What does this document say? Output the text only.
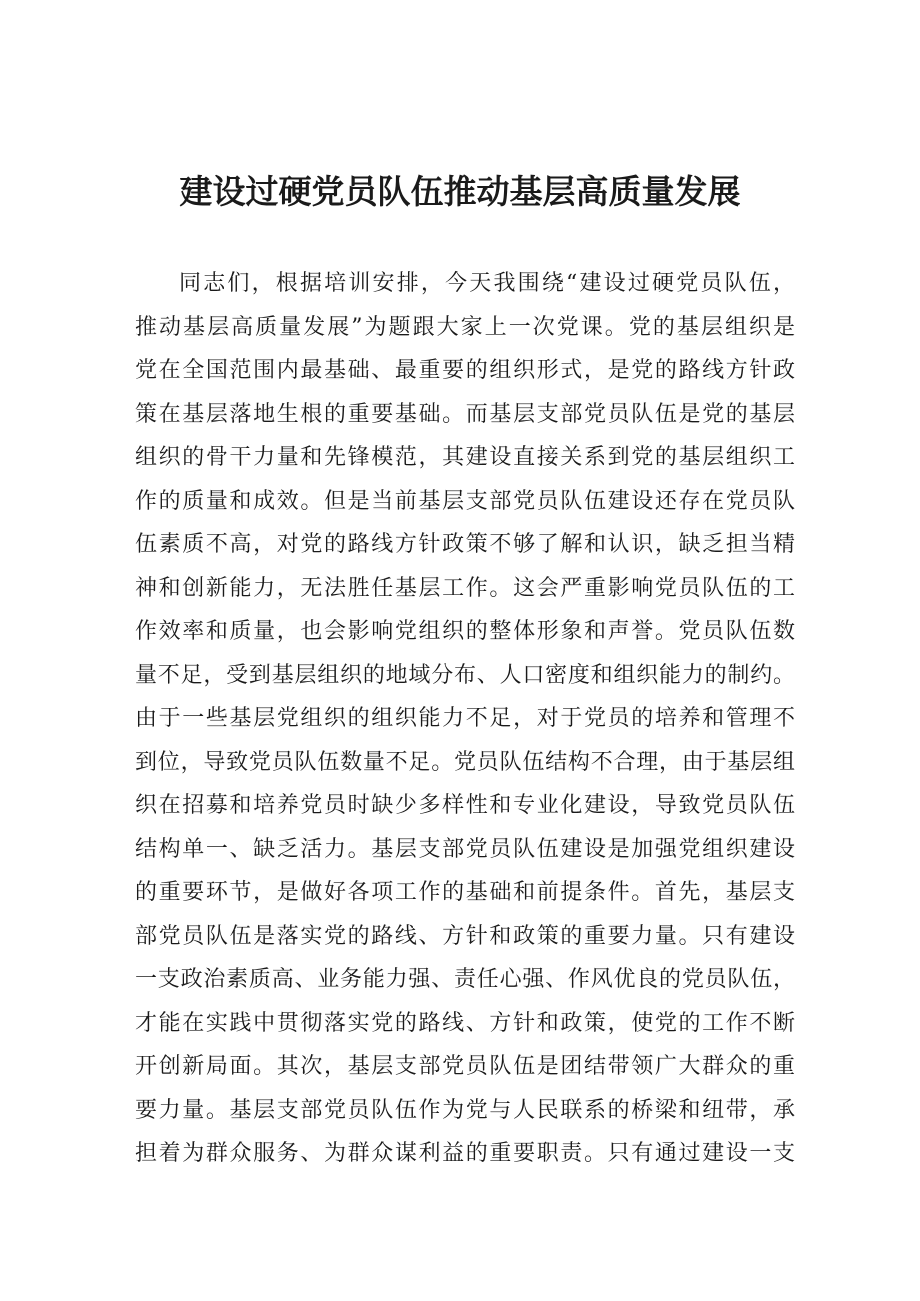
建设过硬党员队伍推动基层高质量发展
同志们，根据培训安排，今天我围绕“建设过硬党员队伍，
推动基层高质量发展”为题跟大家上一次党课。党的基层组织是
党在全国范围内最基础、最重要的组织形式，是党的路线方针政
策在基层落地生根的重要基础。而基层支部党员队伍是党的基层
组织的骨干力量和先锋模范，其建设直接关系到党的基层组织工
作的质量和成效。但是当前基层支部党员队伍建设还存在党员队
伍素质不高，对党的路线方针政策不够了解和认识，缺乏担当精
神和创新能力，无法胜任基层工作。这会严重影响党员队伍的工
作效率和质量，也会影响党组织的整体形象和声誉。党员队伍数
量不足，受到基层组织的地域分布、人口密度和组织能力的制约。
由于一些基层党组织的组织能力不足，对于党员的培养和管理不
到位，导致党员队伍数量不足。党员队伍结构不合理，由于基层组
织在招募和培养党员时缺少多样性和专业化建设，导致党员队伍
结构单一、缺乏活力。基层支部党员队伍建设是加强党组织建设
的重要环节，是做好各项工作的基础和前提条件。首先，基层支
部党员队伍是落实党的路线、方针和政策的重要力量。只有建设
一支政治素质高、业务能力强、责任心强、作风优良的党员队伍，
才能在实践中贯彻落实党的路线、方针和政策，使党的工作不断
开创新局面。其次，基层支部党员队伍是团结带领广大群众的重
要力量。基层支部党员队伍作为党与人民联系的桥梁和纽带，承
担着为群众服务、为群众谋利益的重要职责。只有通过建设一支
